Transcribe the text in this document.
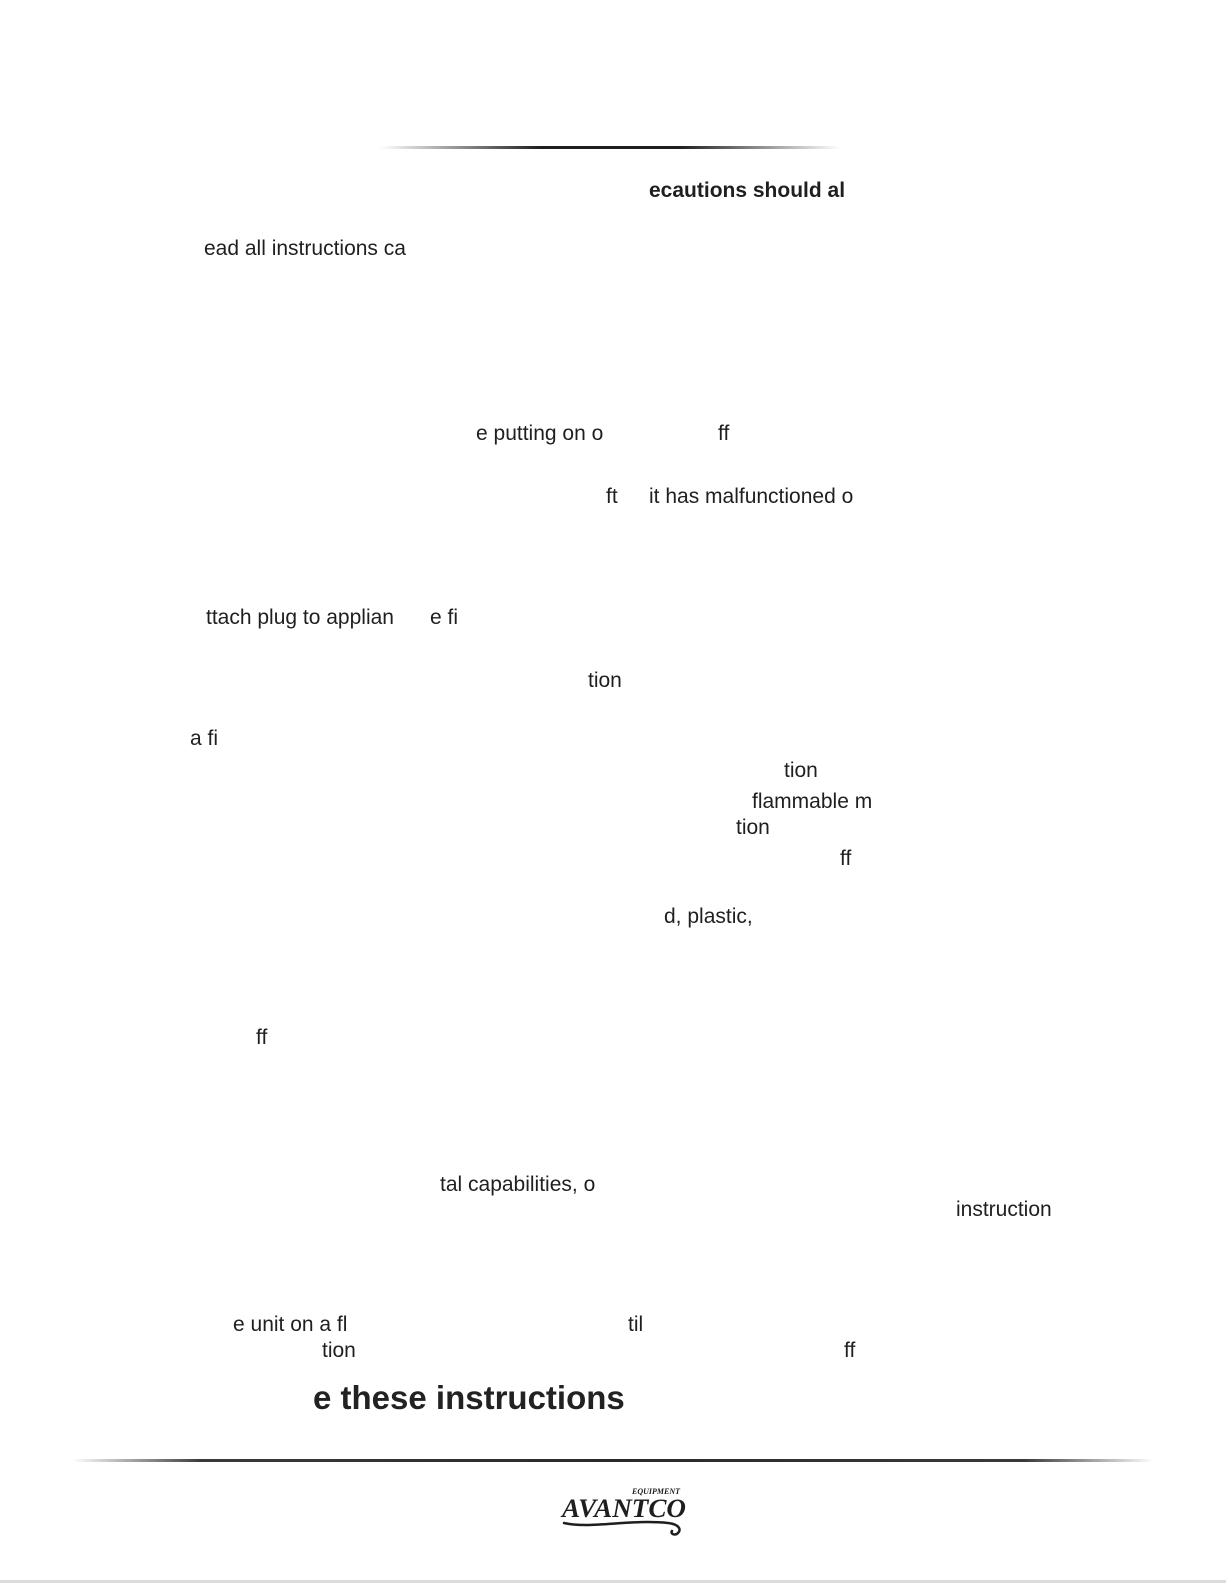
ecautions should al
ead all instructions ca
e putting on o	ff
ft it has malfunctioned o
ttach plug to applian e fi
tion
a fi
tion
flammable m
tion
ff
d, plastic,
ff
tal capabilities, o
instruction
e unit on a fl	til
tion	ff
e these instructions
EQUIPMENT
AVANTCO
